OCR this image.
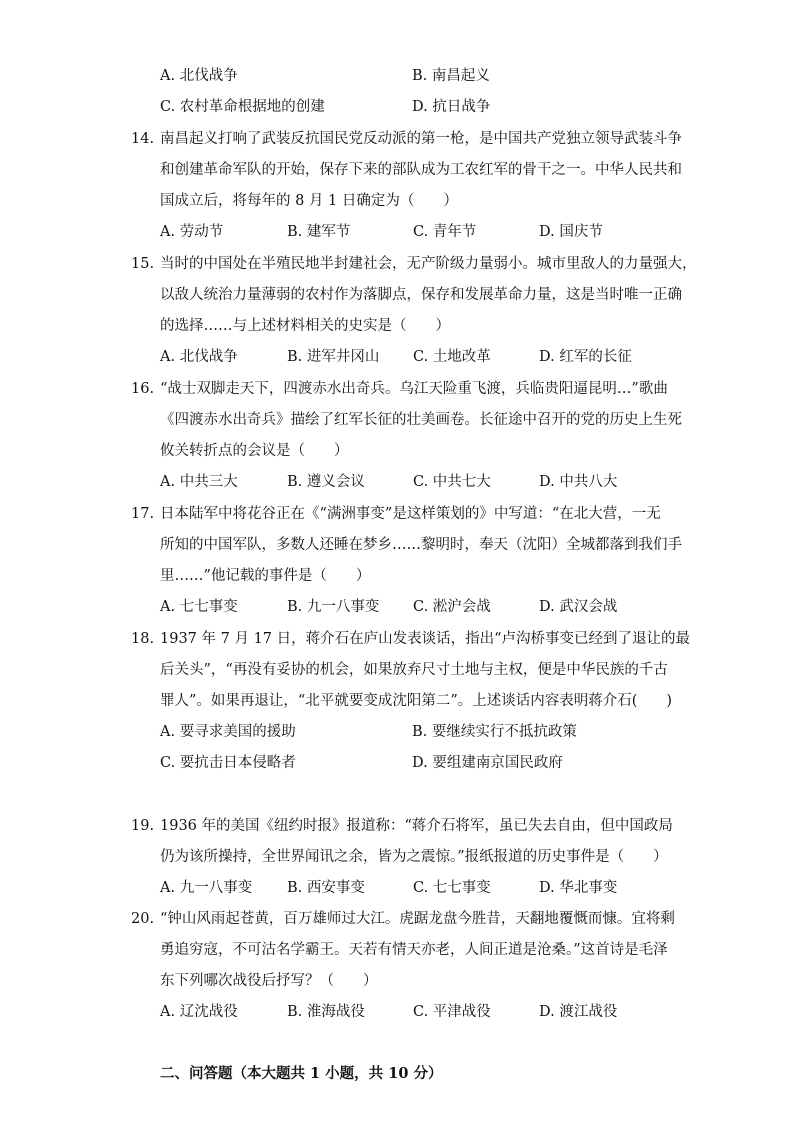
A. 北伐战争	B. 南昌起义
C. 农村革命根据地的创建	D. 抗日战争
14. 南昌起义打响了武装反抗国民党反动派的第一枪，是中国共产党独立领导武装斗争
和创建革命军队的开始，保存下来的部队成为工农红军的骨干之一。中华人民共和
国成立后，将每年的 8 月 1 日确定为（　　）
A. 劳动节	B. 建军节	C. 青年节	D. 国庆节
15. 当时的中国处在半殖民地半封建社会，无产阶级力量弱小。城市里敌人的力量强大，
以敌人统治力量薄弱的农村作为落脚点，保存和发展革命力量，这是当时唯一正确
的选择……与上述材料相关的史实是（　　）
A. 北伐战争	B. 进军井冈山 C. 土地改革	D. 红军的长征
16. “战士双脚走天下，四渡赤水出奇兵。乌江天险重飞渡，兵临贵阳逼昆明…”歌曲
《四渡赤水出奇兵》描绘了红军长征的壮美画卷。长征途中召开的党的历史上生死
攸关转折点的会议是（　　）
A. 中共三大	B. 遵义会议	C. 中共七大	D. 中共八大
17. 日本陆军中将花谷正在《“满洲事变”是这样策划的》中写道：“在北大营，一无
所知的中国军队，多数人还睡在梦乡……黎明时，奉天（沈阳）全城都落到我们手
里……”他记载的事件是（　　）
A. 七七事变	B. 九一八事变 C. 淞沪会战	D. 武汉会战
18. 1937 年 7 月 17 日，蒋介石在庐山发表谈话，指出“卢沟桥事变已经到了退让的最
后关头”，“再没有妥协的机会，如果放弃尺寸土地与主权，便是中华民族的千古
罪人”。如果再退让，“北平就要变成沈阳第二”。上述谈话内容表明蒋介石(　　)
A. 要寻求美国的援助	B. 要继续实行不抵抗政策
C. 要抗击日本侵略者	D. 要组建南京国民政府
19. 1936 年的美国《纽约时报》报道称：“蒋介石将军，虽已失去自由，但中国政局
仍为该所操持，全世界闻讯之余，皆为之震惊。”报纸报道的历史事件是（　　）
A. 九一八事变 B. 西安事变	C. 七七事变	D. 华北事变
20. “钟山风雨起苍黄，百万雄师过大江。虎踞龙盘今胜昔，天翻地覆慨而慷。宜将剩
勇追穷寇，不可沽名学霸王。天若有情天亦老，人间正道是沧桑。”这首诗是毛泽
东下列哪次战役后抒写？（　　）
A. 辽沈战役	B. 淮海战役	C. 平津战役	D. 渡江战役
二、问答题（本大题共 1 小题，共 10 分）
